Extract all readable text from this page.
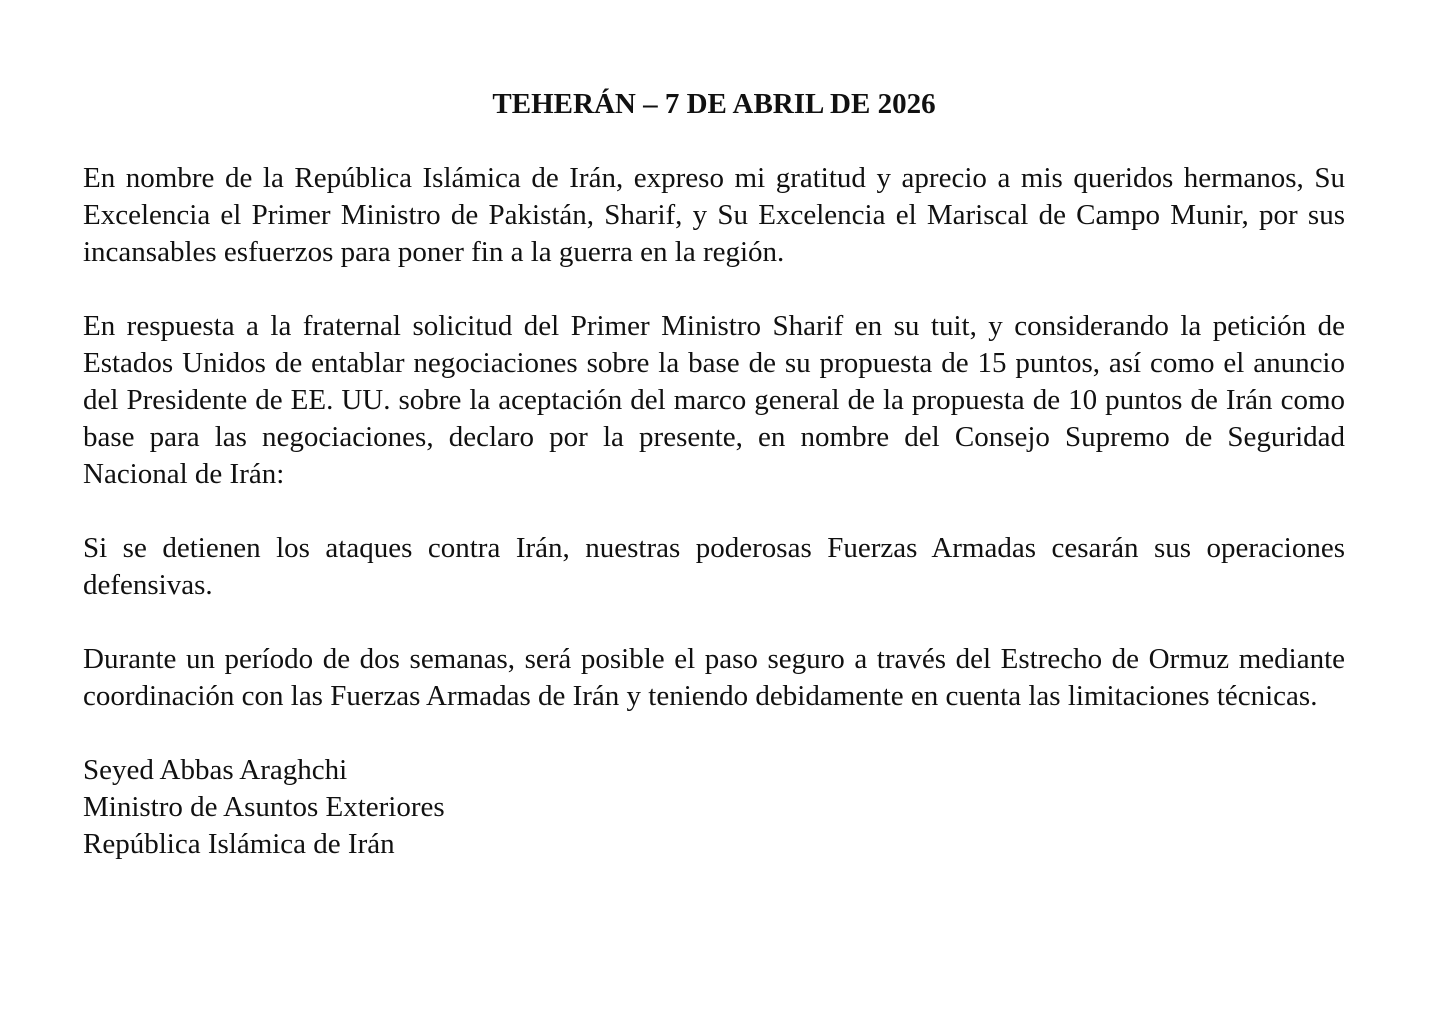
TEHERÁN – 7 DE ABRIL DE 2026

En nombre de la República Islámica de Irán, expreso mi gratitud y aprecio a mis queridos hermanos, Su Excelencia el Primer Ministro de Pakistán, Sharif, y Su Excelencia el Mariscal de Campo Munir, por sus incansables esfuerzos para poner fin a la guerra en la región.

En respuesta a la fraternal solicitud del Primer Ministro Sharif en su tuit, y considerando la petición de Estados Unidos de entablar negociaciones sobre la base de su propuesta de 15 puntos, así como el anuncio del Presidente de EE. UU. sobre la aceptación del marco general de la propuesta de 10 puntos de Irán como base para las negociaciones, declaro por la presente, en nombre del Consejo Supremo de Seguridad Nacional de Irán:

Si se detienen los ataques contra Irán, nuestras poderosas Fuerzas Armadas cesarán sus operaciones defensivas.

Durante un período de dos semanas, será posible el paso seguro a través del Estrecho de Ormuz mediante coordinación con las Fuerzas Armadas de Irán y teniendo debidamente en cuenta las limitaciones técnicas.

Seyed Abbas Araghchi
Ministro de Asuntos Exteriores
República Islámica de Irán
